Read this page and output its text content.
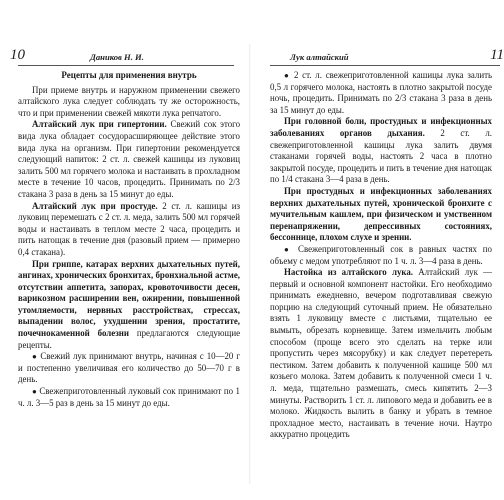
10	Даников Н. И.
Рецепты для применения внутрь

При приеме внутрь и наружном применении свежего алтайского лука следует соблюдать ту же осторожность, что и при применении свежей мякоти лука репчатого.

Алтайский лук при гипертонии. Свежий сок этого вида лука обладает сосудорасширяющее действие этого вида лука на организм. При гипертонии рекомендуется следующий напиток: 2 ст. л. свежей кашицы из луковиц залить 500 мл горячего молока и настаивать в прохладном месте в течение 10 часов, процедить. Принимать по 2/3 стакана 3 раза в день за 15 минут до еды.

Алтайский лук при простуде. 2 ст. л. кашицы из луковиц перемешать с 2 ст. л. меда, залить 500 мл горячей воды и настаивать в теплом месте 2 часа, процедить и пить натощак в течение дня (разовый прием — примерно 0,4 стакана).

При гриппе, катарах верхних дыхательных путей, ангинах, хронических бронхитах, бронхиальной астме, отсутствии аппетита, запорах, кровоточивости десен, варикозном расширении вен, ожирении, повышенной утомляемости, нервных расстройствах, стрессах, выпадении волос, ухудшении зрения, простатите, почечнокаменной болезни предлагаются следующие рецепты.

● Свежий лук принимают внутрь, начиная с 10—20 г и постепенно увеличивая его количество до 50—70 г в день.

● Свежеприготовленный луковый сок принимают по 1 ч. л. 3—5 раз в день за 15 минут до еды.

11
Лук алтайский

● 2 ст. л. свежеприготовленной кашицы лука залить 0,5 л горячего молока, настоять в плотно закрытой посуде ночь, процедить. Принимать по 2/3 стакана 3 раза в день за 15 минут до еды.

При головной боли, простудных и инфекционных заболеваниях органов дыхания. 2 ст. л. свежеприготовленной кашицы лука залить двумя стаканами горячей воды, настоять 2 часа в плотно закрытой посуде, процедить и пить в течение дня натощак по 1/4 стакана 3—4 раза в день.

При простудных и инфекционных заболеваниях верхних дыхательных путей, хронической бронхите с мучительным кашлем, при физическом и умственном перенапряжении, депрессивных состояниях, бессоннице, плохом слухе и зрении.

● Свежеприготовленный сок в равных частях по объему с медом употребляют по 1 ч. л. 3—4 раза в день.

Настойка из алтайского лука. Алтайский лук — первый и основной компонент настойки. Его необходимо принимать ежедневно, вечером подготавливая свежую порцию на следующий суточный прием. Не обязательно взять 1 луковицу вместе с листьями, тщательно ее вымыть, обрезать корневище. Затем измельчить любым способом (проще всего это сделать на терке или пропустить через мясорубку) и как следует перетереть пестиком. Затем добавить к полученной кашице 500 мл козьего молока. Затем добавить к полученной смеси 1 ч. л. меда, тщательно размешать, смесь кипятить 2—3 минуты. Растворить 1 ст. л. липового меда и добавить ее в молоко. Жидкость вылить в банку и убрать в темное прохладное место, настаивать в течение ночи. Наутро аккуратно процедить
